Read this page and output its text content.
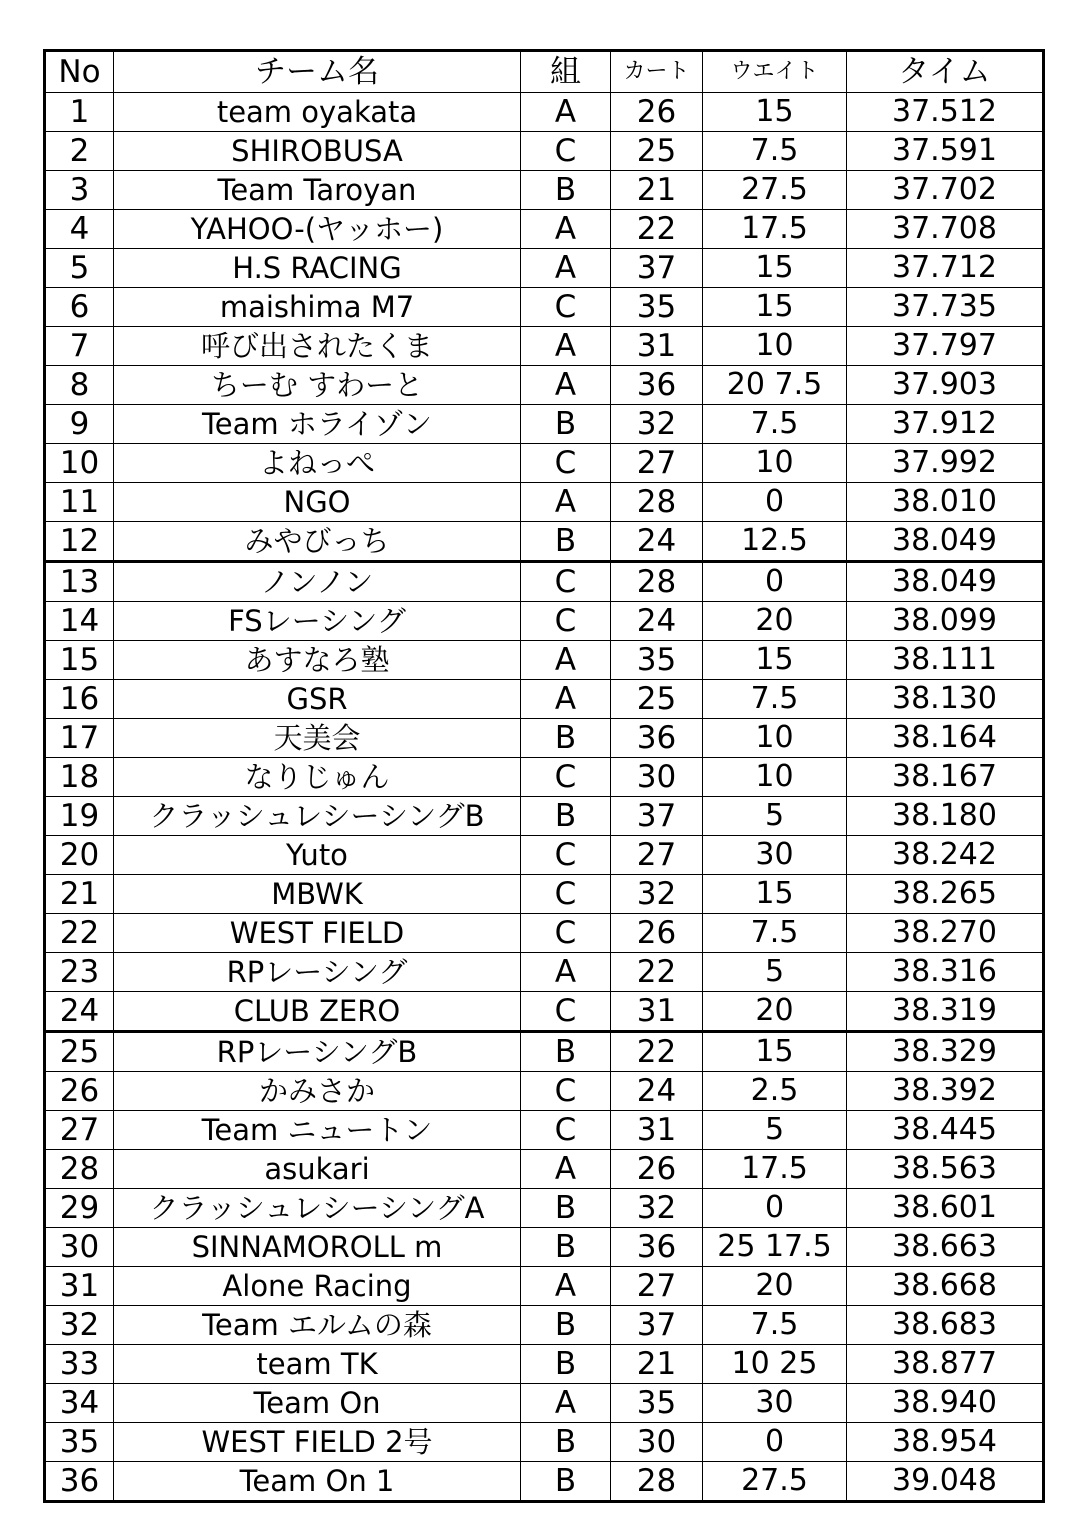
No	チーム名	組	カート	ウエイト	タイム
1	team oyakata	A	26	15	37.512
2	SHIROBUSA	C	25	7.5	37.591
3	Team Taroyan	B	21	27.5	37.702
4	YAHOO-(ヤッホー)	A	22	17.5	37.708
5	H.S RACING	A	37	15	37.712
6	maishima M7	C	35	15	37.735
7	呼び出されたくま	A	31	10	37.797
8	ちーむ すわーと	A	36	20 7.5	37.903
9	Team ホライゾン	B	32	7.5	37.912
10	よねっぺ	C	27	10	37.992
11	NGO	A	28	0	38.010
12	みやびっち	B	24	12.5	38.049
13	ノンノン	C	28	0	38.049
14	FSレーシング	C	24	20	38.099
15	あすなろ塾	A	35	15	38.111
16	GSR	A	25	7.5	38.130
17	天美会	B	36	10	38.164
18	なりじゅん	C	30	10	38.167
19	クラッシュレシーシングB	B	37	5	38.180
20	Yuto	C	27	30	38.242
21	MBWK	C	32	15	38.265
22	WEST FIELD	C	26	7.5	38.270
23	RPレーシング	A	22	5	38.316
24	CLUB ZERO	C	31	20	38.319
25	RPレーシングB	B	22	15	38.329
26	かみさか	C	24	2.5	38.392
27	Team ニュートン	C	31	5	38.445
28	asukari	A	26	17.5	38.563
29	クラッシュレシーシングA	B	32	0	38.601
30	SINNAMOROLL m	B	36	25 17.5	38.663
31	Alone Racing	A	27	20	38.668
32	Team エルムの森	B	37	7.5	38.683
33	team TK	B	21	10 25	38.877
34	Team On	A	35	30	38.940
35	WEST FIELD 2号	B	30	0	38.954
36	Team On 1	B	28	27.5	39.048
